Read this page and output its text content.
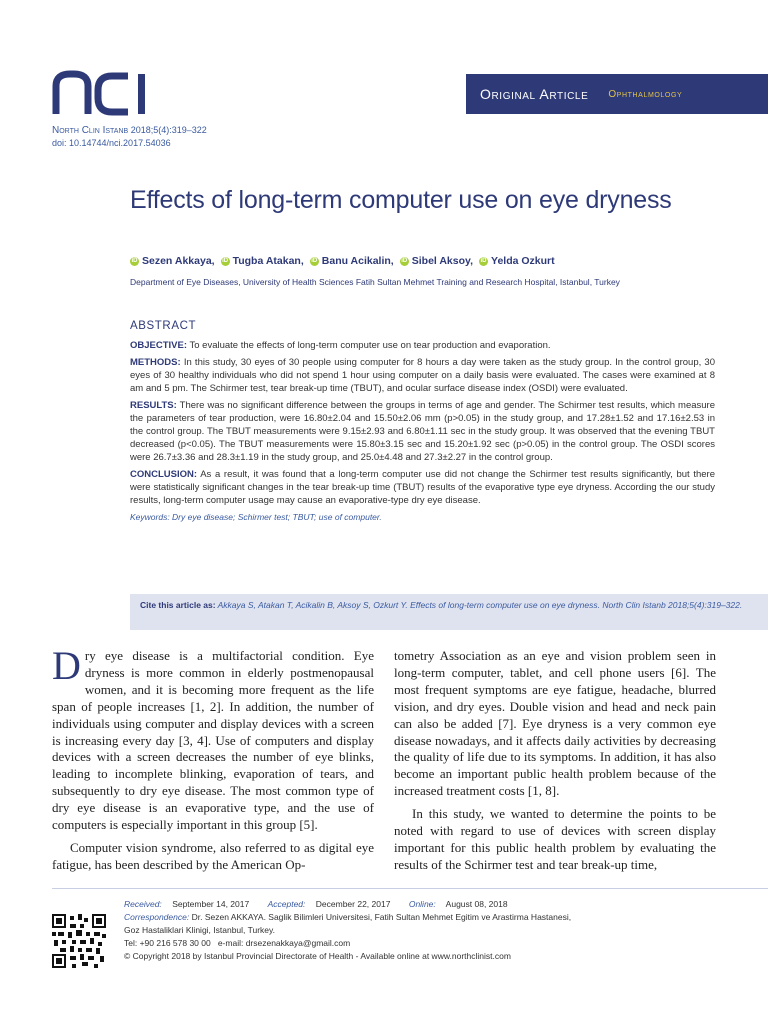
nci
Original Article Ophthalmology
North Clin Istanb 2018;5(4):319–322
doi: 10.14744/nci.2017.54036
Effects of long-term computer use on eye dryness
iD Sezen Akkaya, iD Tugba Atakan, iD Banu Acikalin, iD Sibel Aksoy, iD Yelda Ozkurt
Department of Eye Diseases, University of Health Sciences Fatih Sultan Mehmet Training and Research Hospital, Istanbul, Turkey
ABSTRACT

OBJECTIVE: To evaluate the effects of long-term computer use on tear production and evaporation.

METHODS: In this study, 30 eyes of 30 people using computer for 8 hours a day were taken as the study group. In the control group, 30 eyes of 30 healthy individuals who did not spend 1 hour using computer on a daily basis were evaluated. The cases were examined at 8 am and 5 pm. The Schirmer test, tear break-up time (TBUT), and ocular surface disease index (OSDI) were evaluated.

RESULTS: There was no significant difference between the groups in terms of age and gender. The Schirmer test results, which measure the parameters of tear production, were 16.80±2.04 and 15.50±2.06 mm (p>0.05) in the study group, and 17.28±1.52 and 17.16±2.53 in the control group. The TBUT measurements were 9.15±2.93 and 6.80±1.11 sec in the study group. It was observed that the evening TBUT decreased (p<0.05). The TBUT measurements were 15.80±3.15 sec and 15.20±1.92 sec (p>0.05) in the control group. The OSDI scores were 26.7±3.36 and 28.3±1.19 in the study group, and 25.0±4.48 and 27.3±2.27 in the control group.

CONCLUSION: As a result, it was found that a long-term computer use did not change the Schirmer test results significantly, but there were statistically significant changes in the tear break-up time (TBUT) results of the evaporative type eye dryness. According the our study results, long-term computer usage may cause an evaporative-type dry eye disease.

Keywords: Dry eye disease; Schirmer test; TBUT; use of computer.
Cite this article as: Akkaya S, Atakan T, Acikalin B, Aksoy S, Ozkurt Y. Effects of long-term computer use on eye dryness. North Clin Istanb 2018;5(4):319–322.

Dry eye disease is a multifactorial condition. Eye dryness is more common in elderly postmenopausal women, and it is becoming more frequent as the life span of people increases [1, 2]. In addition, the number of individuals using computer and display devices with a screen is increasing every day [3, 4]. Use of computers and display devices with a screen decreases the number of eye blinks, leading to incomplete blinking, evaporation of tears, and subsequently to dry eye disease. The most common type of dry eye disease is an evaporative type, and the use of computers is especially important in this group [5].

Computer vision syndrome, also referred to as digital eye fatigue, has been described by the American Op-

tometry Association as an eye and vision problem seen in long-term computer, tablet, and cell phone users [6]. The most frequent symptoms are eye fatigue, headache, blurred vision, and dry eyes. Double vision and head and neck pain can also be added [7]. Eye dryness is a very common eye disease nowadays, and it affects daily activities by decreasing the quality of life due to its symptoms. In addition, it has also become an important public health problem because of the increased treatment costs [1, 8].

In this study, we wanted to determine the points to be noted with regard to use of devices with screen display important for this public health problem by evaluating the results of the Schirmer test and tear break-up time,

Received: September 14, 2017 Accepted: December 22, 2017 Online: August 08, 2018
Correspondence: Dr. Sezen AKKAYA. Saglik Bilimleri Universitesi, Fatih Sultan Mehmet Egitim ve Arastirma Hastanesi,
Goz Hastaliklari Klinigi, Istanbul, Turkey.
Tel: +90 216 578 30 00 e-mail: drsezenakkaya@gmail.com
© Copyright 2018 by Istanbul Provincial Directorate of Health - Available online at www.northclinist.com
